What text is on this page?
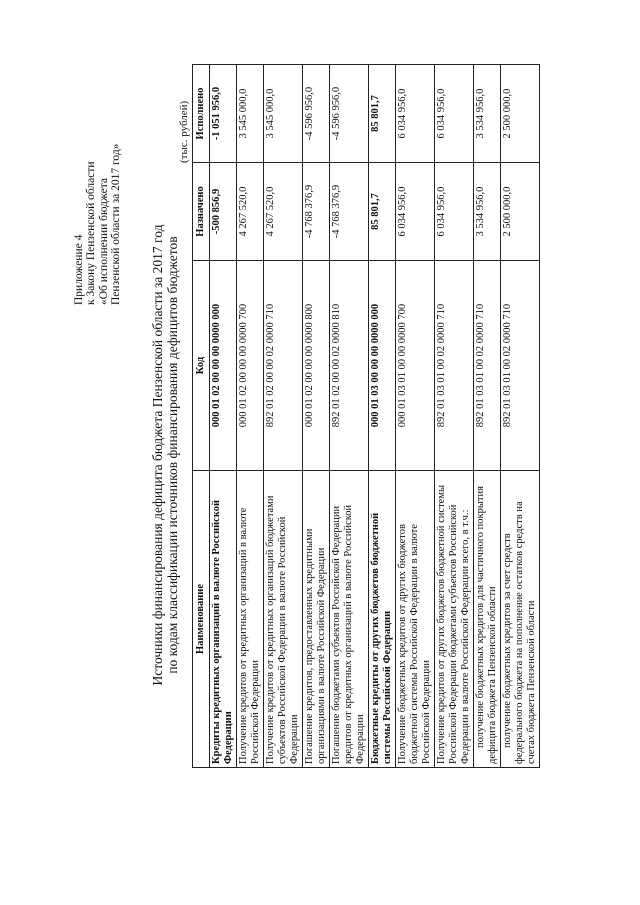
Приложение 4 к Закону Пензенской области «Об исполнении бюджета Пензенской области за 2017 год»
Источники финансирования дефицита бюджета Пензенской области за 2017 год по кодам классификации источников финансирования дефицитов бюджетов
(тыс. рублей)
Наименование	Код	Назначено	Исполнено
Кредиты кредитных организаций в валюте Российской Федерации	000 01 02 00 00 00 0000 000	-500 856,9	-1 051 956,0
Получение кредитов от кредитных организаций в валюте Российской Федерации	000 01 02 00 00 00 0000 700	4 267 520,0	3 545 000,0
Получение кредитов от кредитных организаций бюджетами субъектов Российской Федерации в валюте Российской Федерации	892 01 02 00 00 02 0000 710	4 267 520,0	3 545 000,0
Погашение кредитов, предоставленных кредитными организациями в валюте Российской Федерации	000 01 02 00 00 00 0000 800	-4 768 376,9	-4 596 956,0
Погашение бюджетами субъектов Российской Федерации кредитов от кредитных организаций в валюте Российской Федерации	892 01 02 00 00 02 0000 810	-4 768 376,9	-4 596 956,0
Бюджетные кредиты от других бюджетов бюджетной системы Российской Федерации	000 01 03 00 00 00 0000 000	85 801,7	85 801,7
Получение бюджетных кредитов от других бюджетов бюджетной системы Российской Федерации в валюте Российской Федерации	000 01 03 01 00 00 0000 700	6 034 956,0	6 034 956,0
Получение кредитов от других бюджетов бюджетной системы Российской Федерации бюджетами субъектов Российской Федерации в валюте Российской Федерации всего, в т.ч.:	892 01 03 01 00 02 0000 710	6 034 956,0	6 034 956,0
получение бюджетных кредитов для частичного покрытия дефицита бюджета Пензенской области	892 01 03 01 00 02 0000 710	3 534 956,0	3 534 956,0
получение бюджетных кредитов за счет средств федерального бюджета на пополнение остатков средств на счетах бюджета Пензенской области	892 01 03 01 00 02 0000 710	2 500 000,0	2 500 000,0
